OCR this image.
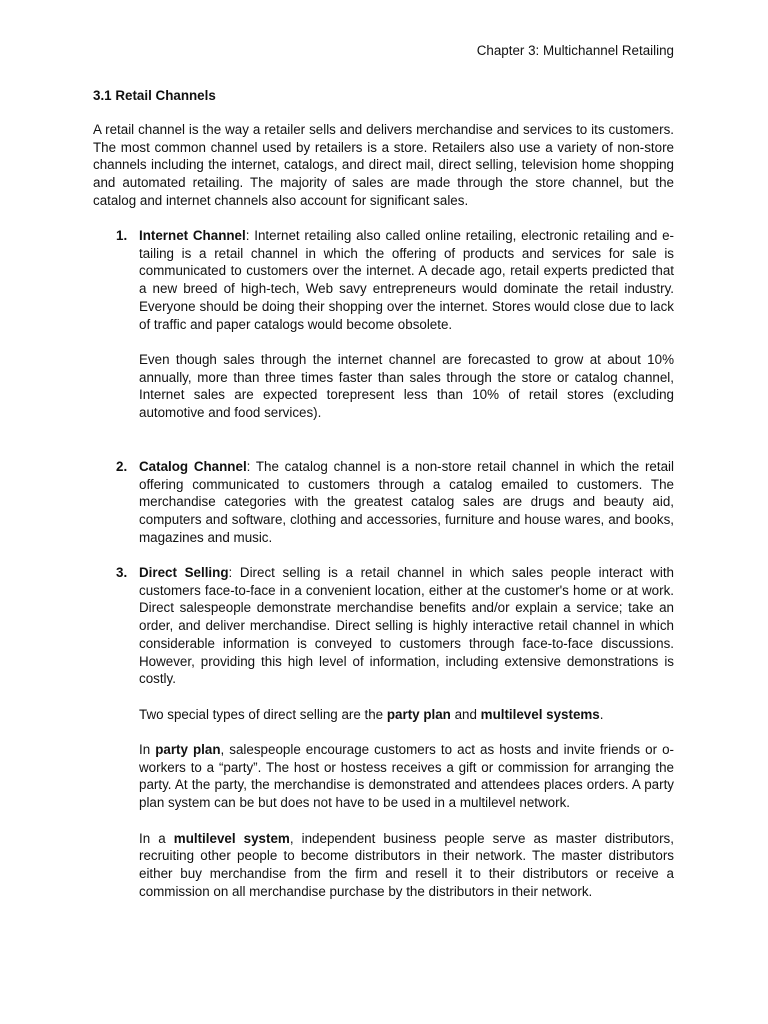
Chapter 3: Multichannel Retailing
3.1 Retail Channels

A retail channel is the way a retailer sells and delivers merchandise and services to its customers. The most common channel used by retailers is a store. Retailers also use a variety of non-store channels including the internet, catalogs, and direct mail, direct selling, television home shopping and automated retailing. The majority of sales are made through the store channel, but the catalog and internet channels also account for significant sales.

1. Internet Channel: Internet retailing also called online retailing, electronic retailing and e-tailing is a retail channel in which the offering of products and services for sale is communicated to customers over the internet. A decade ago, retail experts predicted that a new breed of high-tech, Web savy entrepreneurs would dominate the retail industry. Everyone should be doing their shopping over the internet. Stores would close due to lack of traffic and paper catalogs would become obsolete.

Even though sales through the internet channel are forecasted to grow at about 10% annually, more than three times faster than sales through the store or catalog channel, Internet sales are expected torepresent less than 10% of retail stores (excluding automotive and food services).

2. Catalog Channel: The catalog channel is a non-store retail channel in which the retail offering communicated to customers through a catalog emailed to customers. The merchandise categories with the greatest catalog sales are drugs and beauty aid, computers and software, clothing and accessories, furniture and house wares, and books, magazines and music.

3. Direct Selling: Direct selling is a retail channel in which sales people interact with customers face-to-face in a convenient location, either at the customer's home or at work. Direct salespeople demonstrate merchandise benefits and/or explain a service; take an order, and deliver merchandise. Direct selling is highly interactive retail channel in which considerable information is conveyed to customers through face-to-face discussions. However, providing this high level of information, including extensive demonstrations is costly.

Two special types of direct selling are the party plan and multilevel systems.

In party plan, salespeople encourage customers to act as hosts and invite friends or o-workers to a “party”. The host or hostess receives a gift or commission for arranging the party. At the party, the merchandise is demonstrated and attendees places orders. A party plan system can be but does not have to be used in a multilevel network.

In a multilevel system, independent business people serve as master distributors, recruiting other people to become distributors in their network. The master distributors either buy merchandise from the firm and resell it to their distributors or receive a commission on all merchandise purchase by the distributors in their network.
